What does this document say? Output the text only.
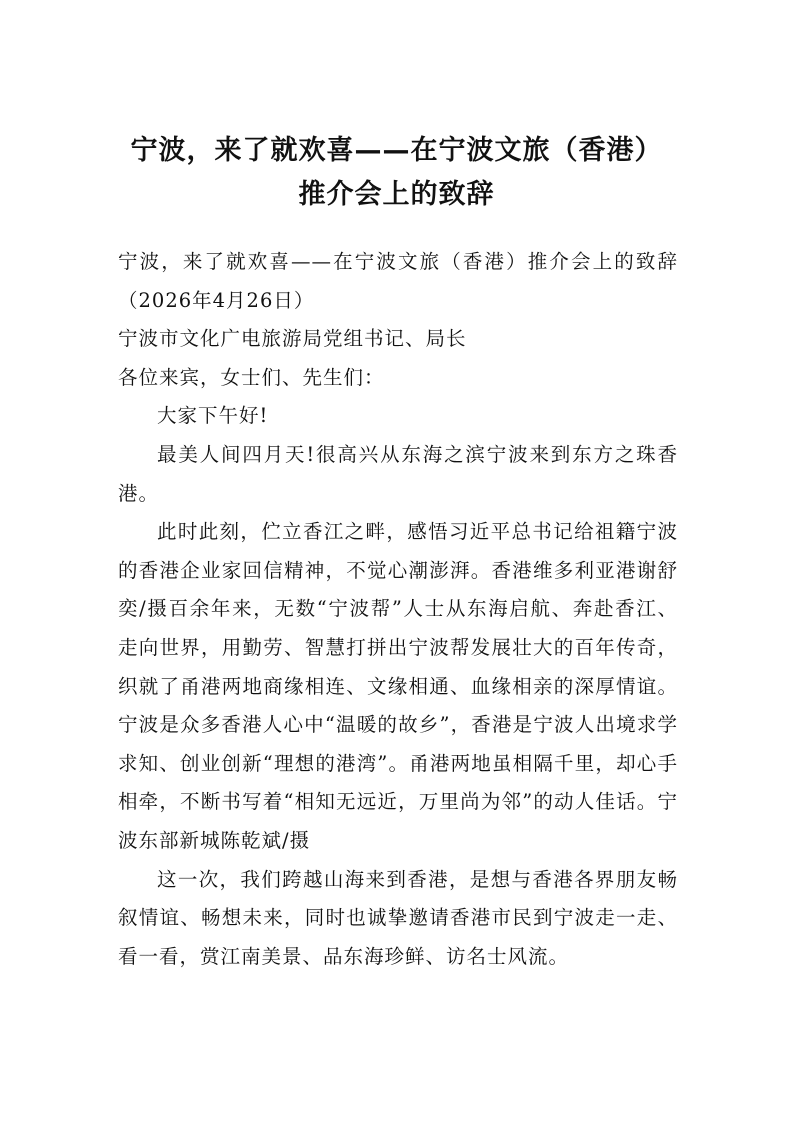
宁波，来了就欢喜——在宁波文旅（香港）
推介会上的致辞

宁波，来了就欢喜——在宁波文旅（香港）推介会上的致辞（2026年4月26日）

宁波市文化广电旅游局党组书记、局长

各位来宾，女士们、先生们：

大家下午好!

最美人间四月天!很高兴从东海之滨宁波来到东方之珠香港。

此时此刻，伫立香江之畔，感悟习近平总书记给祖籍宁波的香港企业家回信精神，不觉心潮澎湃。香港维多利亚港谢舒奕/摄百余年来，无数“宁波帮”人士从东海启航、奔赴香江、走向世界，用勤劳、智慧打拼出宁波帮发展壮大的百年传奇，织就了甬港两地商缘相连、文缘相通、血缘相亲的深厚情谊。宁波是众多香港人心中“温暖的故乡”，香港是宁波人出境求学求知、创业创新“理想的港湾”。甬港两地虽相隔千里，却心手相牵，不断书写着“相知无远近，万里尚为邻”的动人佳话。宁波东部新城陈乾斌/摄

这一次，我们跨越山海来到香港，是想与香港各界朋友畅叙情谊、畅想未来，同时也诚挚邀请香港市民到宁波走一走、看一看，赏江南美景、品东海珍鲜、访名士风流。
